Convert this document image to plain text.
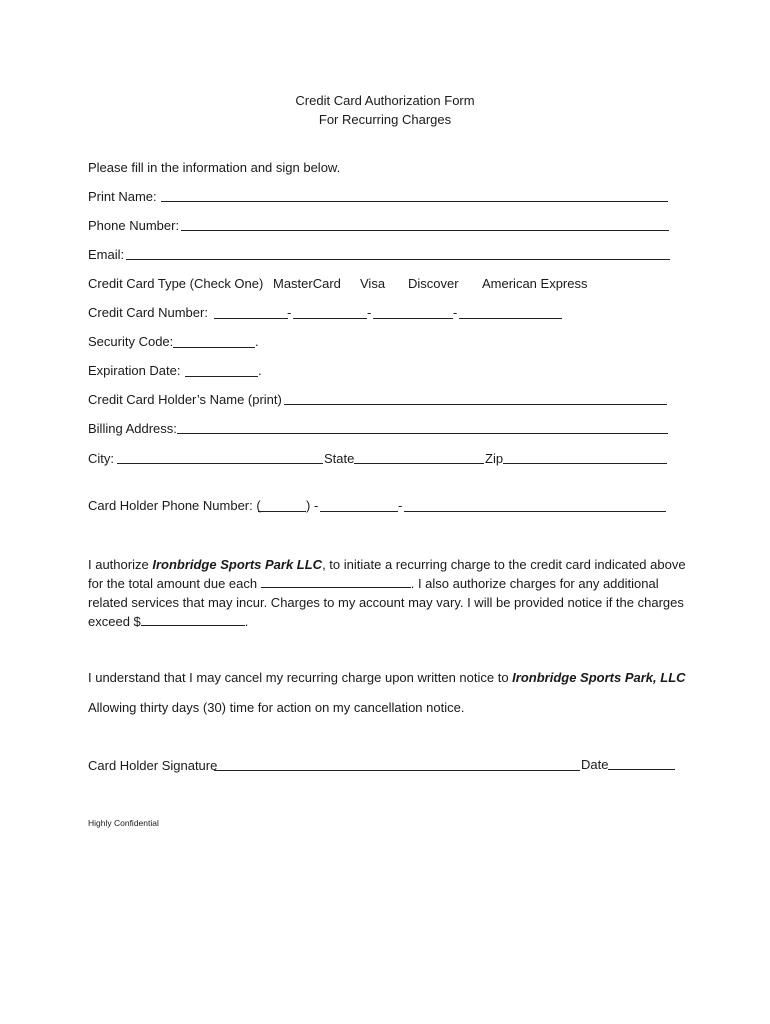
Credit Card Authorization Form
For Recurring Charges
Please fill in the information and sign below.
Print Name:
Phone Number:
Email:
Credit Card Type (Check One) MasterCard Visa Discover American Express
Credit Card Number:	-	-	-
Security Code:	.
Expiration Date:	.
Credit Card Holder’s Name (print)
Billing Address:
City:	State	Zip
Card Holder Phone Number: (	) -	-
I authorize Ironbridge Sports Park LLC, to initiate a recurring charge to the credit card indicated above for the total amount due each	. I also authorize charges for any additional related services that may incur. Charges to my account may vary. I will be provided notice if the charges exceed $	.
I understand that I may cancel my recurring charge upon written notice to Ironbridge Sports Park, LLC
Allowing thirty days (30) time for action on my cancellation notice.
Card Holder Signature	Date
Highly Confidential
